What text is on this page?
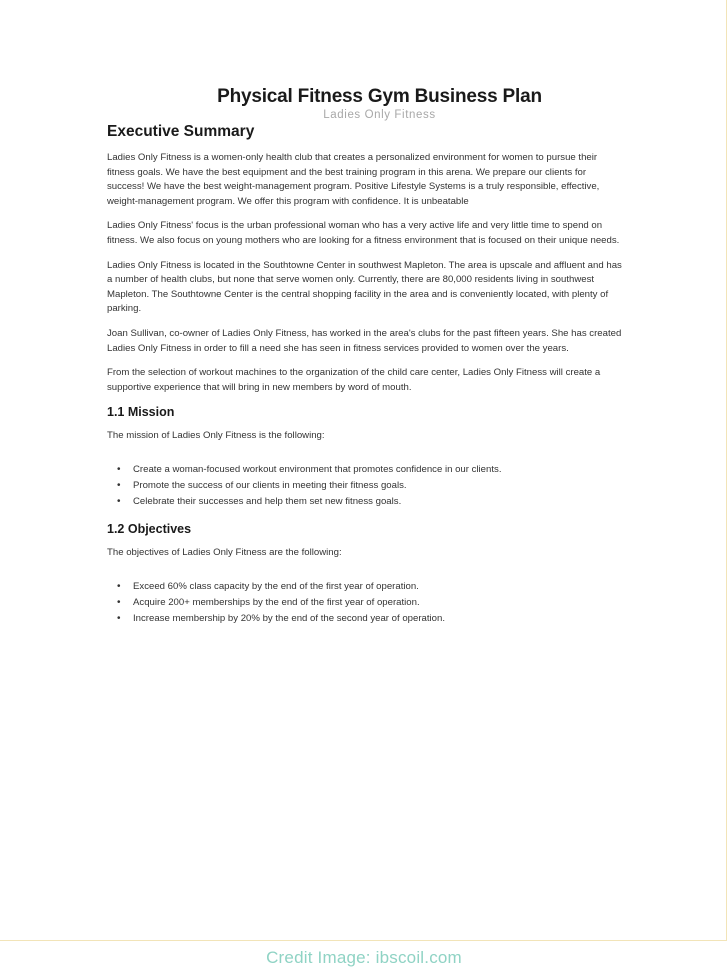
Physical Fitness Gym Business Plan
Ladies Only Fitness
Executive Summary

Ladies Only Fitness is a women-only health club that creates a personalized environment for women to pursue their fitness goals. We have the best equipment and the best training program in this arena. We prepare our clients for success! We have the best weight-management program. Positive Lifestyle Systems is a truly responsible, effective, weight-management program. We offer this program with confidence. It is unbeatable

Ladies Only Fitness' focus is the urban professional woman who has a very active life and very little time to spend on fitness. We also focus on young mothers who are looking for a fitness environment that is focused on their unique needs.

Ladies Only Fitness is located in the Southtowne Center in southwest Mapleton. The area is upscale and affluent and has a number of health clubs, but none that serve women only. Currently, there are 80,000 residents living in southwest Mapleton. The Southtowne Center is the central shopping facility in the area and is conveniently located, with plenty of parking.

Joan Sullivan, co-owner of Ladies Only Fitness, has worked in the area's clubs for the past fifteen years. She has created Ladies Only Fitness in order to fill a need she has seen in fitness services provided to women over the years.

From the selection of workout machines to the organization of the child care center, Ladies Only Fitness will create a supportive experience that will bring in new members by word of mouth.

1.1 Mission

The mission of Ladies Only Fitness is the following:

• Create a woman-focused workout environment that promotes confidence in our clients.
• Promote the success of our clients in meeting their fitness goals.
• Celebrate their successes and help them set new fitness goals.
1.2 Objectives

The objectives of Ladies Only Fitness are the following:

• Exceed 60% class capacity by the end of the first year of operation.
• Acquire 200+ memberships by the end of the first year of operation.
• Increase membership by 20% by the end of the second year of operation.
Credit Image: ibscoil.com
